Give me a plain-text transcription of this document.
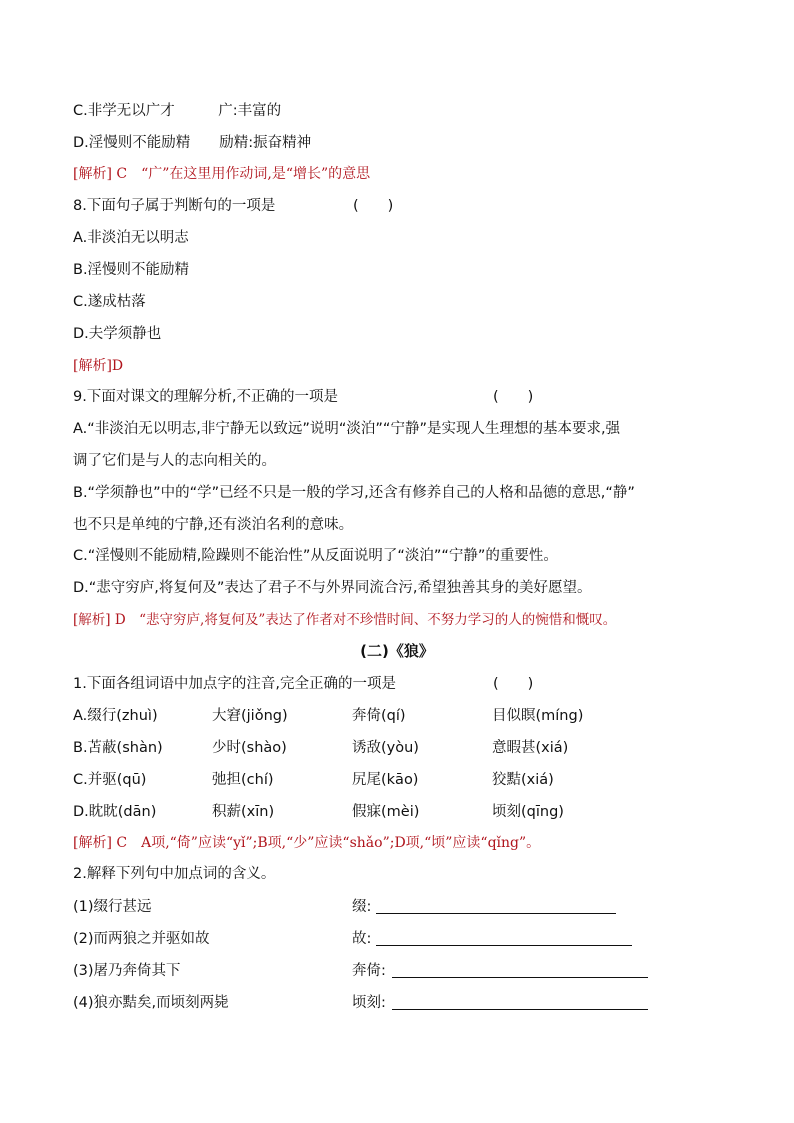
C.非学无以广才　　　广:丰富的
D.淫慢则不能励精　　励精:振奋精神
[解析] C　“广”在这里用作动词,是“增长”的意思
8.下面句子属于判断句的一项是	(　　)
A.非淡泊无以明志
B.淫慢则不能励精
C.遂成枯落
D.夫学须静也
[解析]D
9.下面对课文的理解分析,不正确的一项是	(　　)
A.“非淡泊无以明志,非宁静无以致远”说明“淡泊”“宁静”是实现人生理想的基本要求,强
调了它们是与人的志向相关的。
B.“学须静也”中的“学”已经不只是一般的学习,还含有修养自己的人格和品德的意思,“静”
也不只是单纯的宁静,还有淡泊名利的意味。
C.“淫慢则不能励精,险躁则不能治性”从反面说明了“淡泊”“宁静”的重要性。
D.“悲守穷庐,将复何及”表达了君子不与外界同流合污,希望独善其身的美好愿望。
[解析] D　“悲守穷庐,将复何及”表达了作者对不珍惜时间、不努力学习的人的惋惜和慨叹。
(二)《狼》
1.下面各组词语中加点字的注音,完全正确的一项是	(　　)
A.缀行(zhuì)	大窘(jiǒng)	奔倚(qí)	目似瞑(míng)
B.苫蔽(shàn)	少时(shào)	诱敌(yòu)	意暇甚(xiá)
C.并驱(qū)	弛担(chí)	尻尾(kāo)	狡黠(xiá)
D.眈眈(dān)	积薪(xīn)	假寐(mèi)	顷刻(qīng)
[解析] C　A项,“倚”应读“yǐ”;B项,“少”应读“shǎo”;D项,“顷”应读“qǐng”。
2.解释下列句中加点词的含义。
(1)缀行甚远	缀:
(2)而两狼之并驱如故	故:
(3)屠乃奔倚其下	奔倚:
(4)狼亦黠矣,而顷刻两毙	顷刻:
